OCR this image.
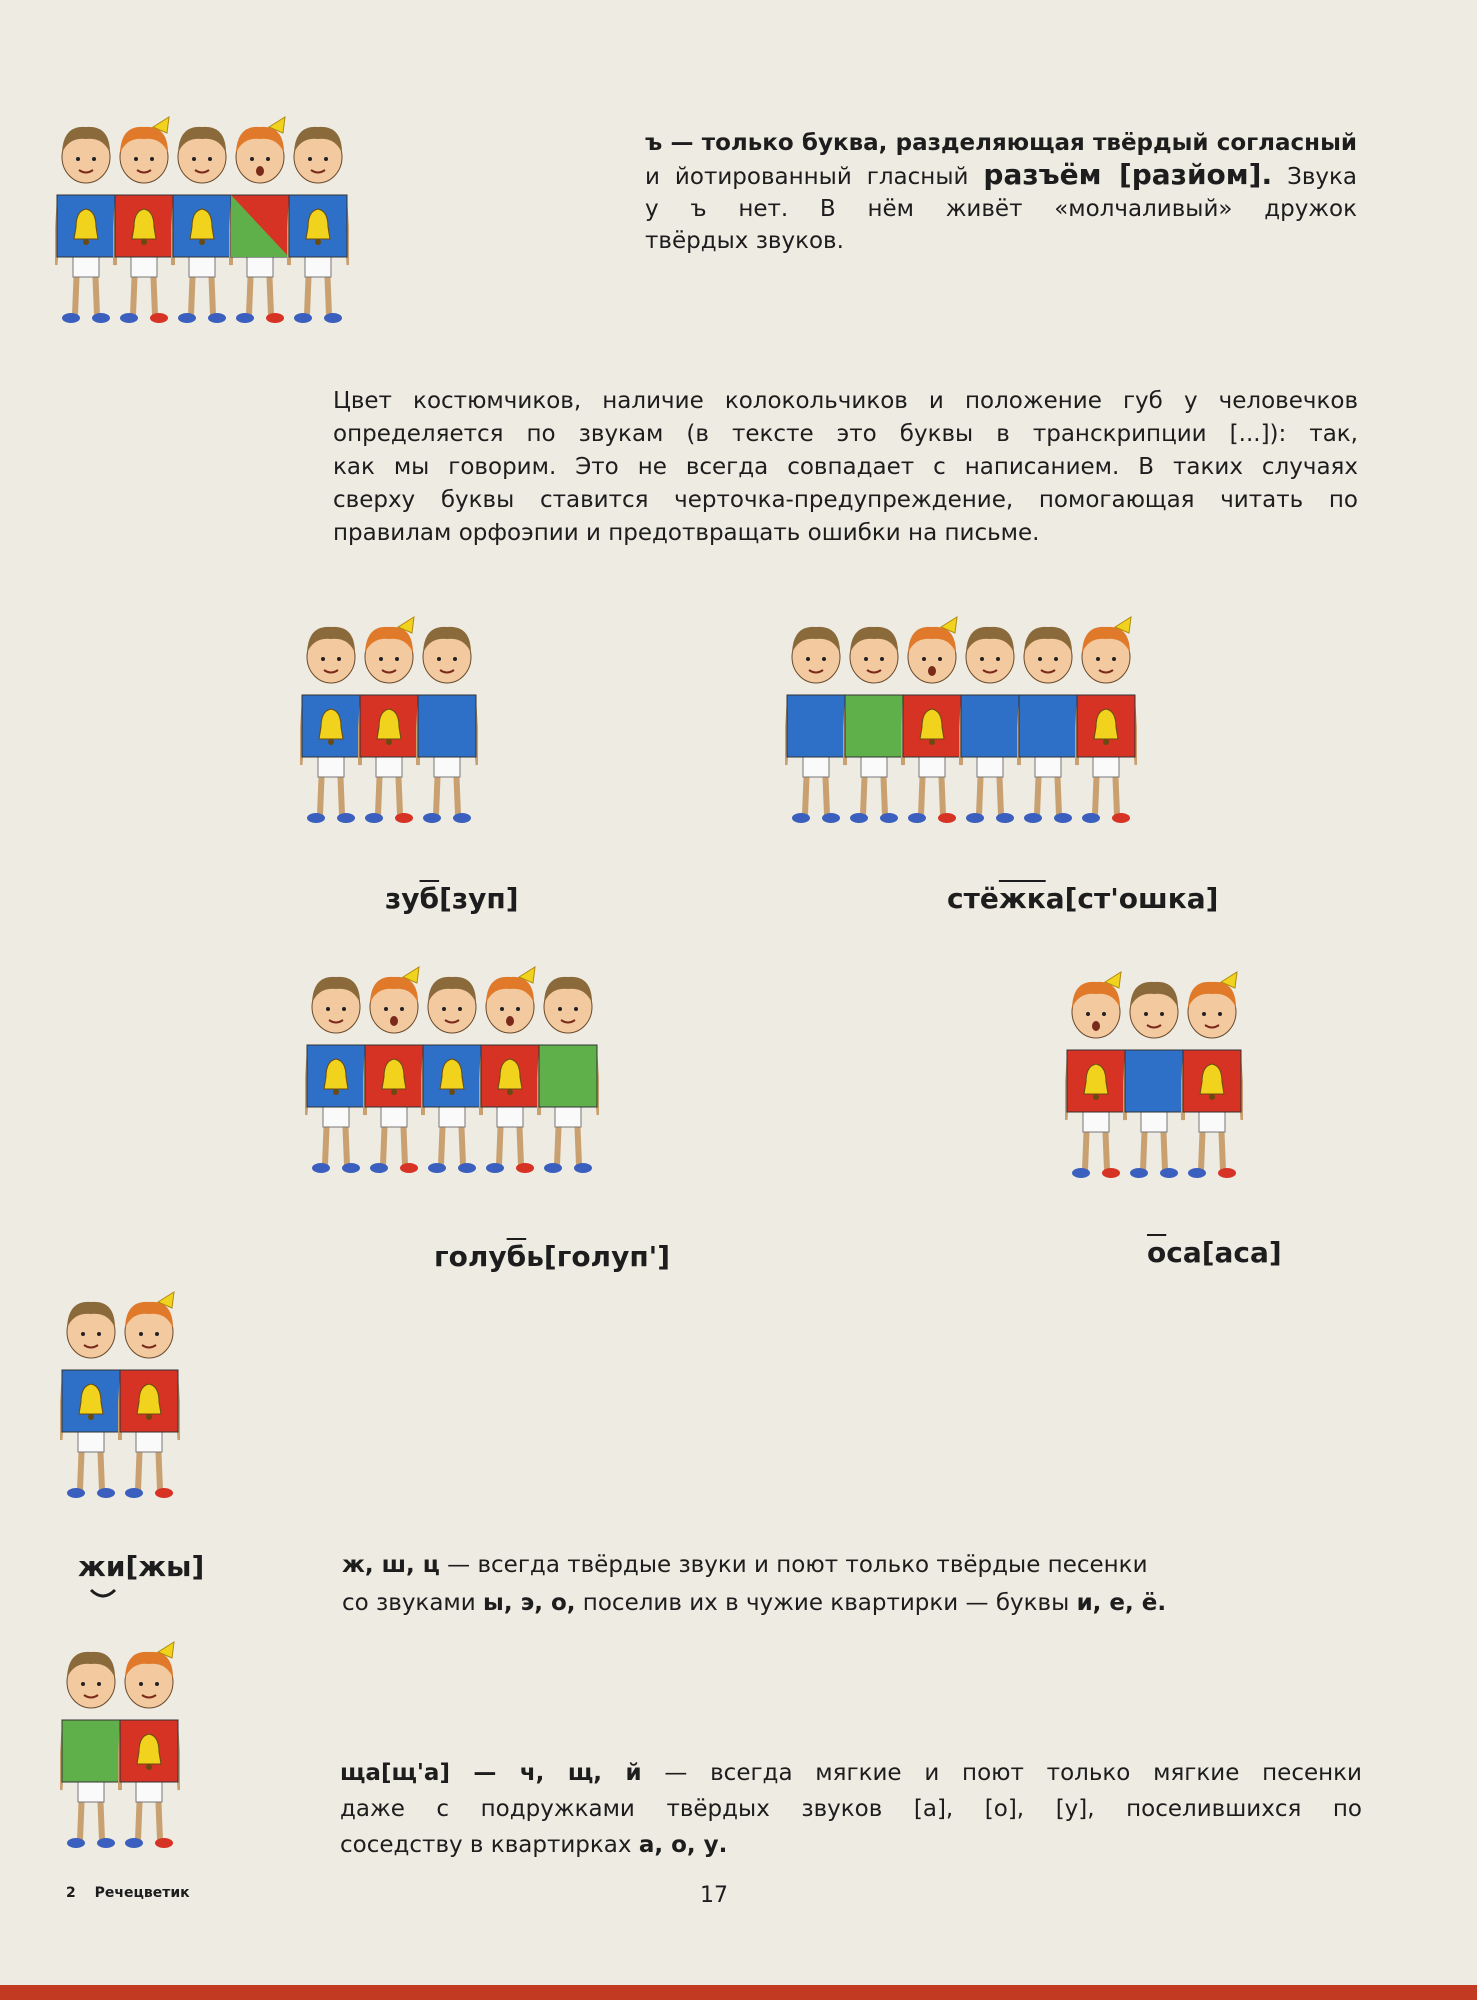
ъ — только буква, разделяющая твёрдый согласный
и йотированный гласный разъём [разйом]. Звука
у ъ нет. В нём живёт «молчаливый» дружок
твёрдых звуков.
Цвет костюмчиков, наличие колокольчиков и положение губ у человечков
определяется по звукам (в тексте это буквы в транскрипции [...]): так,
как мы говорим. Это не всегда совпадает с написанием. В таких случаях
сверху буквы ставится черточка-предупреждение, помогающая читать по
правилам орфоэпии и предотвращать ошибки на письме.
зуб[зуп]	стёжка[ст'ошка]
голубь[голуп']	оса[аса]
жи[жы]	ж, ш, ц — всегда твёрдые звуки и поют только твёрдые песенки
со звуками ы, э, о, поселив их в чужие квартирки — буквы и, е, ё.
ща[щ'а] — ч, щ, й — всегда мягкие и поют только мягкие песенки
даже с подружками твёрдых звуков [а], [о], [у], поселившихся по
соседству в квартирках а, о, у.
2 Речецветик	17
